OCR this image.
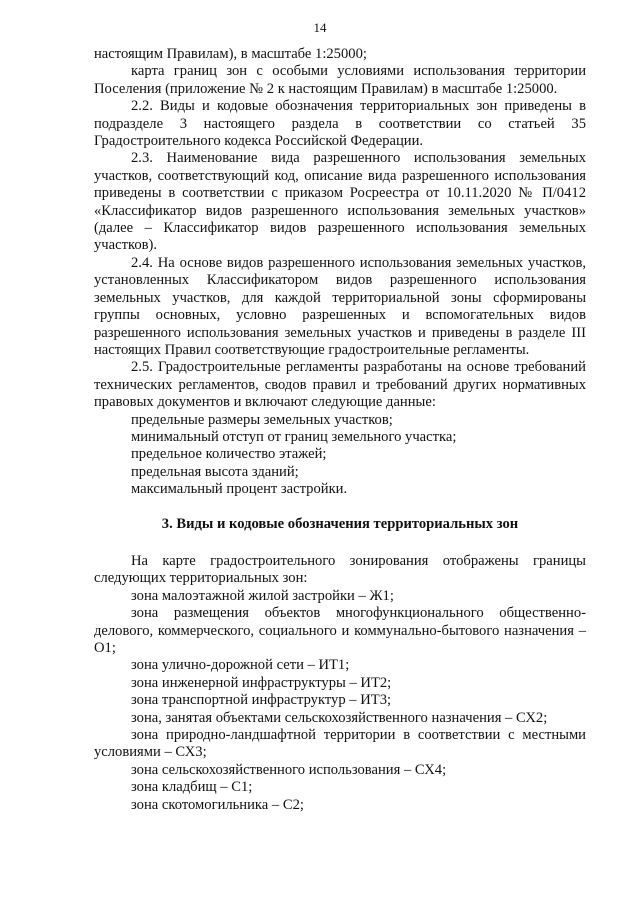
14

настоящим Правилам), в масштабе 1:25000;

карта границ зон с особыми условиями использования территории Поселения (приложение № 2 к настоящим Правилам) в масштабе 1:25000.

2.2. Виды и кодовые обозначения территориальных зон приведены в подразделе 3 настоящего раздела в соответствии со статьей 35 Градостроительного кодекса Российской Федерации.

2.3. Наименование вида разрешенного использования земельных участков, соответствующий код, описание вида разрешенного использования приведены в соответствии с приказом Росреестра от 10.11.2020 № П/0412 «Классификатор видов разрешенного использования земельных участков» (далее – Классификатор видов разрешенного использования земельных участков).

2.4. На основе видов разрешенного использования земельных участков, установленных Классификатором видов разрешенного использования земельных участков, для каждой территориальной зоны сформированы группы основных, условно разрешенных и вспомогательных видов разрешенного использования земельных участков и приведены в разделе III настоящих Правил соответствующие градостроительные регламенты.

2.5. Градостроительные регламенты разработаны на основе требований технических регламентов, сводов правил и требований других нормативных правовых документов и включают следующие данные:

предельные размеры земельных участков;

минимальный отступ от границ земельного участка;

предельное количество этажей;

предельная высота зданий;

максимальный процент застройки.

3. Виды и кодовые обозначения территориальных зон

На карте градостроительного зонирования отображены границы следующих территориальных зон:

зона малоэтажной жилой застройки – Ж1;

зона размещения объектов многофункционального общественно-делового, коммерческого, социального и коммунально-бытового назначения – О1;

зона улично-дорожной сети – ИТ1;

зона инженерной инфраструктуры – ИТ2;

зона транспортной инфраструктур – ИТ3;

зона, занятая объектами сельскохозяйственного назначения – СХ2;

зона природно-ландшафтной территории в соответствии с местными условиями – СХ3;

зона сельскохозяйственного использования – СХ4;

зона кладбищ – С1;

зона скотомогильника – С2;
